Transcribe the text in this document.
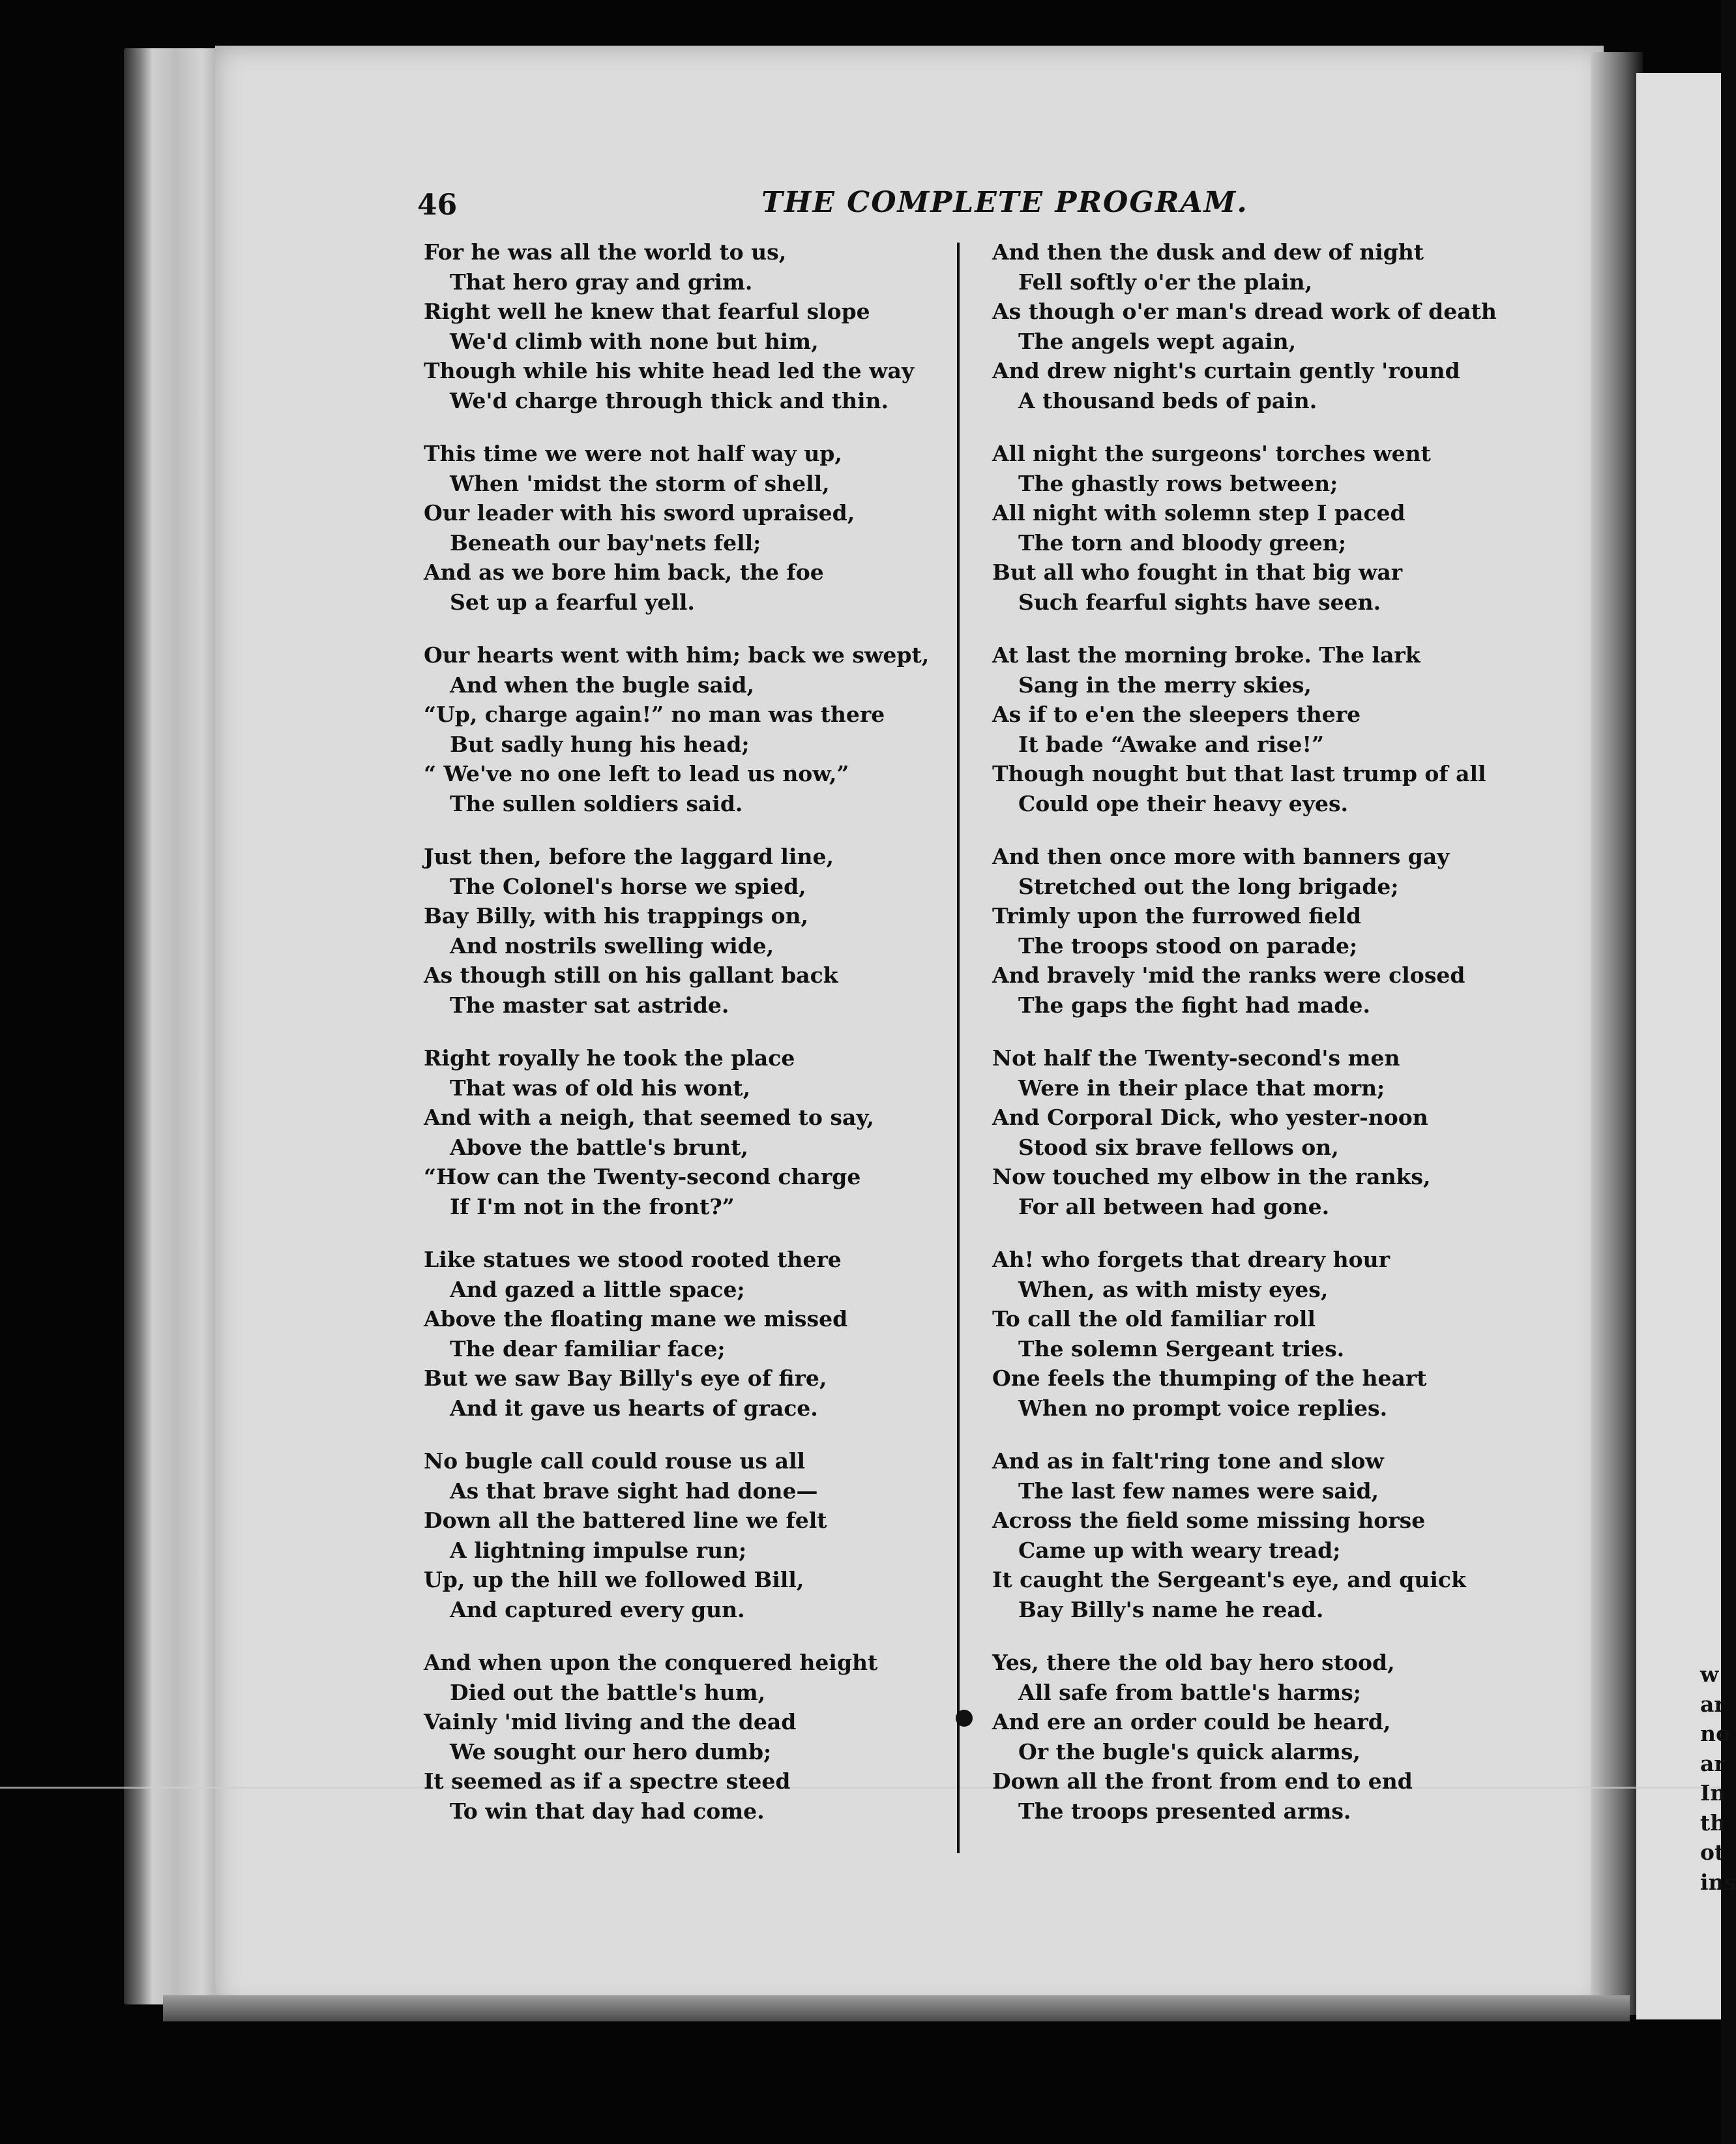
46	THE COMPLETE PROGRAM.
For he was all the world to us,
That hero gray and grim.
Right well he knew that fearful slope
We'd climb with none but him,
Though while his white head led the way
We'd charge through thick and thin.
This time we were not half way up,
When 'midst the storm of shell,
Our leader with his sword upraised,
Beneath our bay'nets fell;
And as we bore him back, the foe
Set up a fearful yell.
Our hearts went with him; back we swept,
And when the bugle said,
“Up, charge again!” no man was there
But sadly hung his head;
“ We've no one left to lead us now,”
The sullen soldiers said.
Just then, before the laggard line,
The Colonel's horse we spied,
Bay Billy, with his trappings on,
And nostrils swelling wide,
As though still on his gallant back
The master sat astride.
Right royally he took the place
That was of old his wont,
And with a neigh, that seemed to say,
Above the battle's brunt,
“How can the Twenty-second charge
If I'm not in the front?”
Like statues we stood rooted there
And gazed a little space;
Above the floating mane we missed
The dear familiar face;
But we saw Bay Billy's eye of fire,
And it gave us hearts of grace.
No bugle call could rouse us all
As that brave sight had done—
Down all the battered line we felt
A lightning impulse run;
Up, up the hill we followed Bill,
And captured every gun.
And when upon the conquered height
Died out the battle's hum,
Vainly 'mid living and the dead
We sought our hero dumb;
It seemed as if a spectre steed
To win that day had come.
And then the dusk and dew of night
Fell softly o'er the plain,
As though o'er man's dread work of death
The angels wept again,
And drew night's curtain gently 'round
A thousand beds of pain.
All night the surgeons' torches went
The ghastly rows between;
All night with solemn step I paced
The torn and bloody green;
But all who fought in that big war
Such fearful sights have seen.
At last the morning broke. The lark
Sang in the merry skies,
As if to e'en the sleepers there
It bade “Awake and rise!”
Though nought but that last trump of all
Could ope their heavy eyes.
And then once more with banners gay
Stretched out the long brigade;
Trimly upon the furrowed field
The troops stood on parade;
And bravely 'mid the ranks were closed
The gaps the fight had made.
Not half the Twenty-second's men
Were in their place that morn;
And Corporal Dick, who yester-noon
Stood six brave fellows on,
Now touched my elbow in the ranks,
For all between had gone.
Ah! who forgets that dreary hour
When, as with misty eyes,
To call the old familiar roll
The solemn Sergeant tries.
One feels the thumping of the heart
When no prompt voice replies.
And as in falt'ring tone and slow
The last few names were said,
Across the field some missing horse
Came up with weary tread;
It caught the Sergeant's eye, and quick
Bay Billy's name he read.
Yes, there the old bay hero stood,
All safe from battle's harms;
And ere an order could be heard,
Or the bugle's quick alarms,
Down all the front from end to end
The troops presented arms.
w
ar
no
ar
In
th
ot
ins
